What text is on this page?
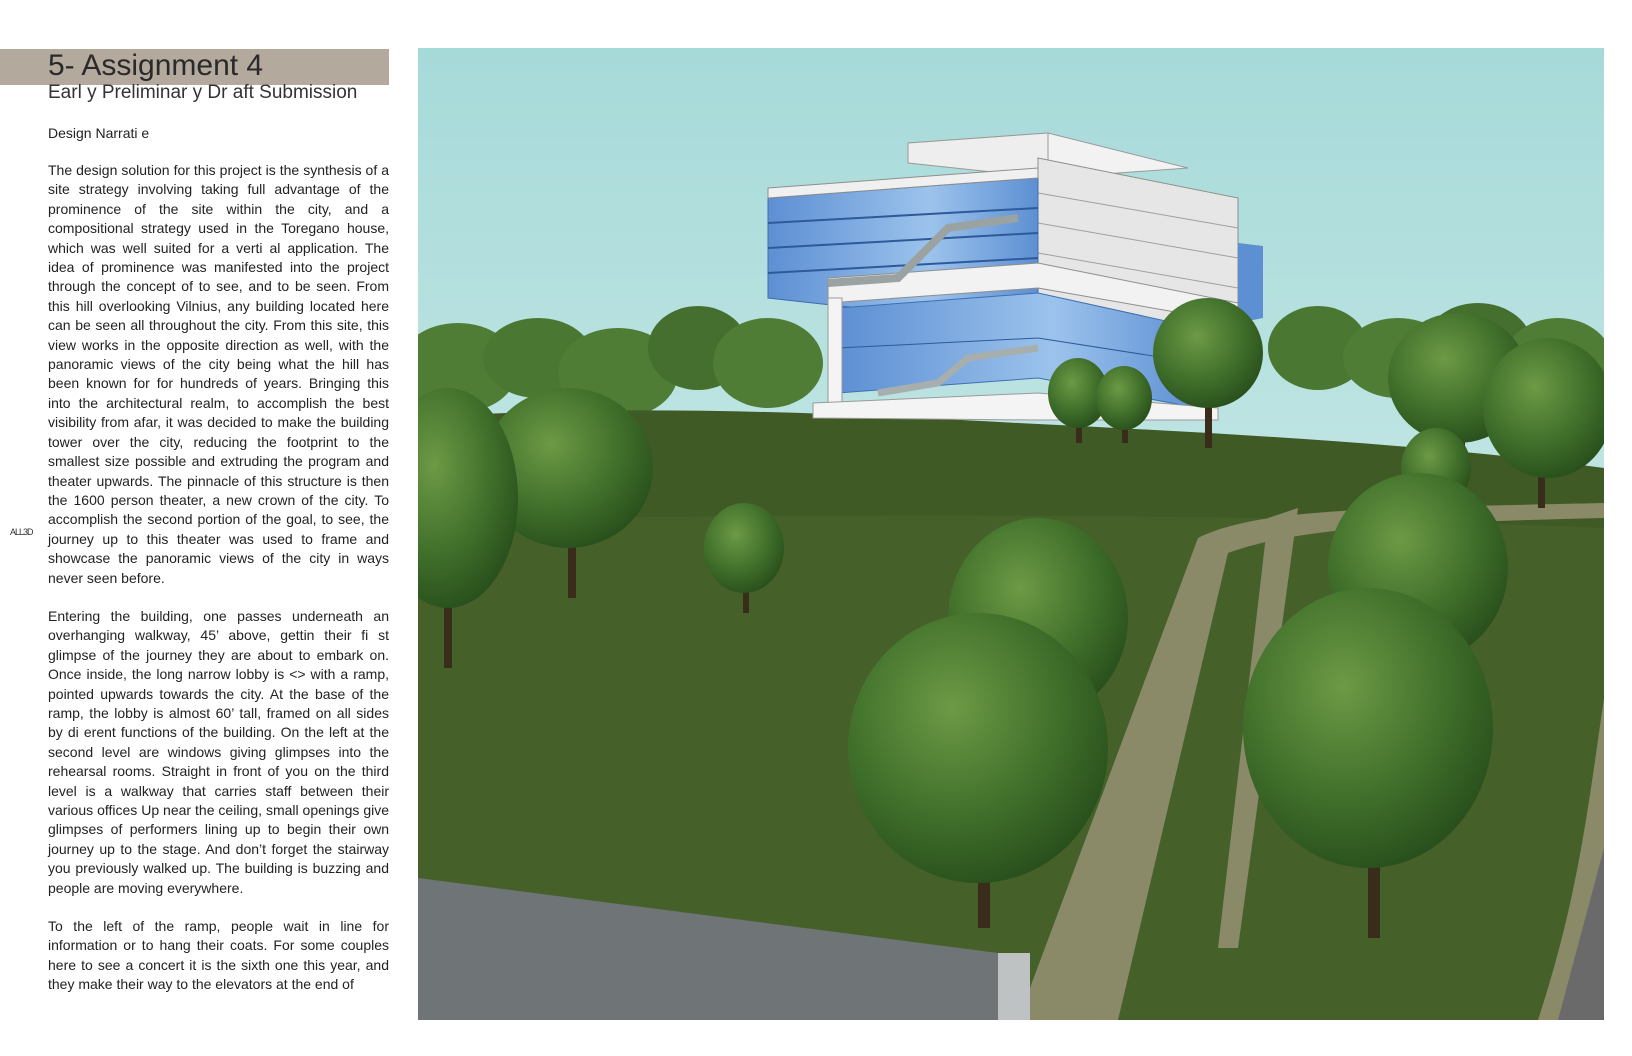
5- Assignment 4
Earl y Preliminar y Dr aft Submission
Design Narrati e

The design solution for this project is the synthesis of a site strategy involving taking full advantage of the prominence of the site within the city, and a compositional strategy used in the Toregano house, which was well suited for a verti al application. The idea of prominence was manifested into the project through the concept of to see, and to be seen. From this hill overlooking Vilnius, any building located here can be seen all throughout the city. From this site, this view works in the opposite direction as well, with the panoramic views of the city being what the hill has been known for for hundreds of years. Bringing this into the architectural realm, to accomplish the best visibility from afar, it was decided to make the building tower over the city, reducing the footprint to the smallest size possible and extruding the program and theater upwards. The pinnacle of this structure is then the 1600 person theater, a new crown of the city. To accomplish the second portion of the goal, to see, the journey up to this theater was used to frame and showcase the panoramic views of the city in ways never seen before.

Entering the building, one passes underneath an overhanging walkway, 45’ above, gettin their fi st glimpse of the journey they are about to embark on. Once inside, the long narrow lobby is <> with a ramp, pointed upwards towards the city. At the base of the ramp, the lobby is almost 60’ tall, framed on all sides by di erent functions of the building. On the left at the second level are windows giving glimpses into the rehearsal rooms. Straight in front of you on the third level is a walkway that carries staff between their various offices Up near the ceiling, small openings give glimpses of performers lining up to begin their own journey up to the stage. And don’t forget the stairway you previously walked up. The building is buzzing and people are moving everywhere.

To the left of the ramp, people wait in line for information or to hang their coats. For some couples here to see a concert it is the sixth one this year, and they make their way to the elevators at the end of

ALL3D
